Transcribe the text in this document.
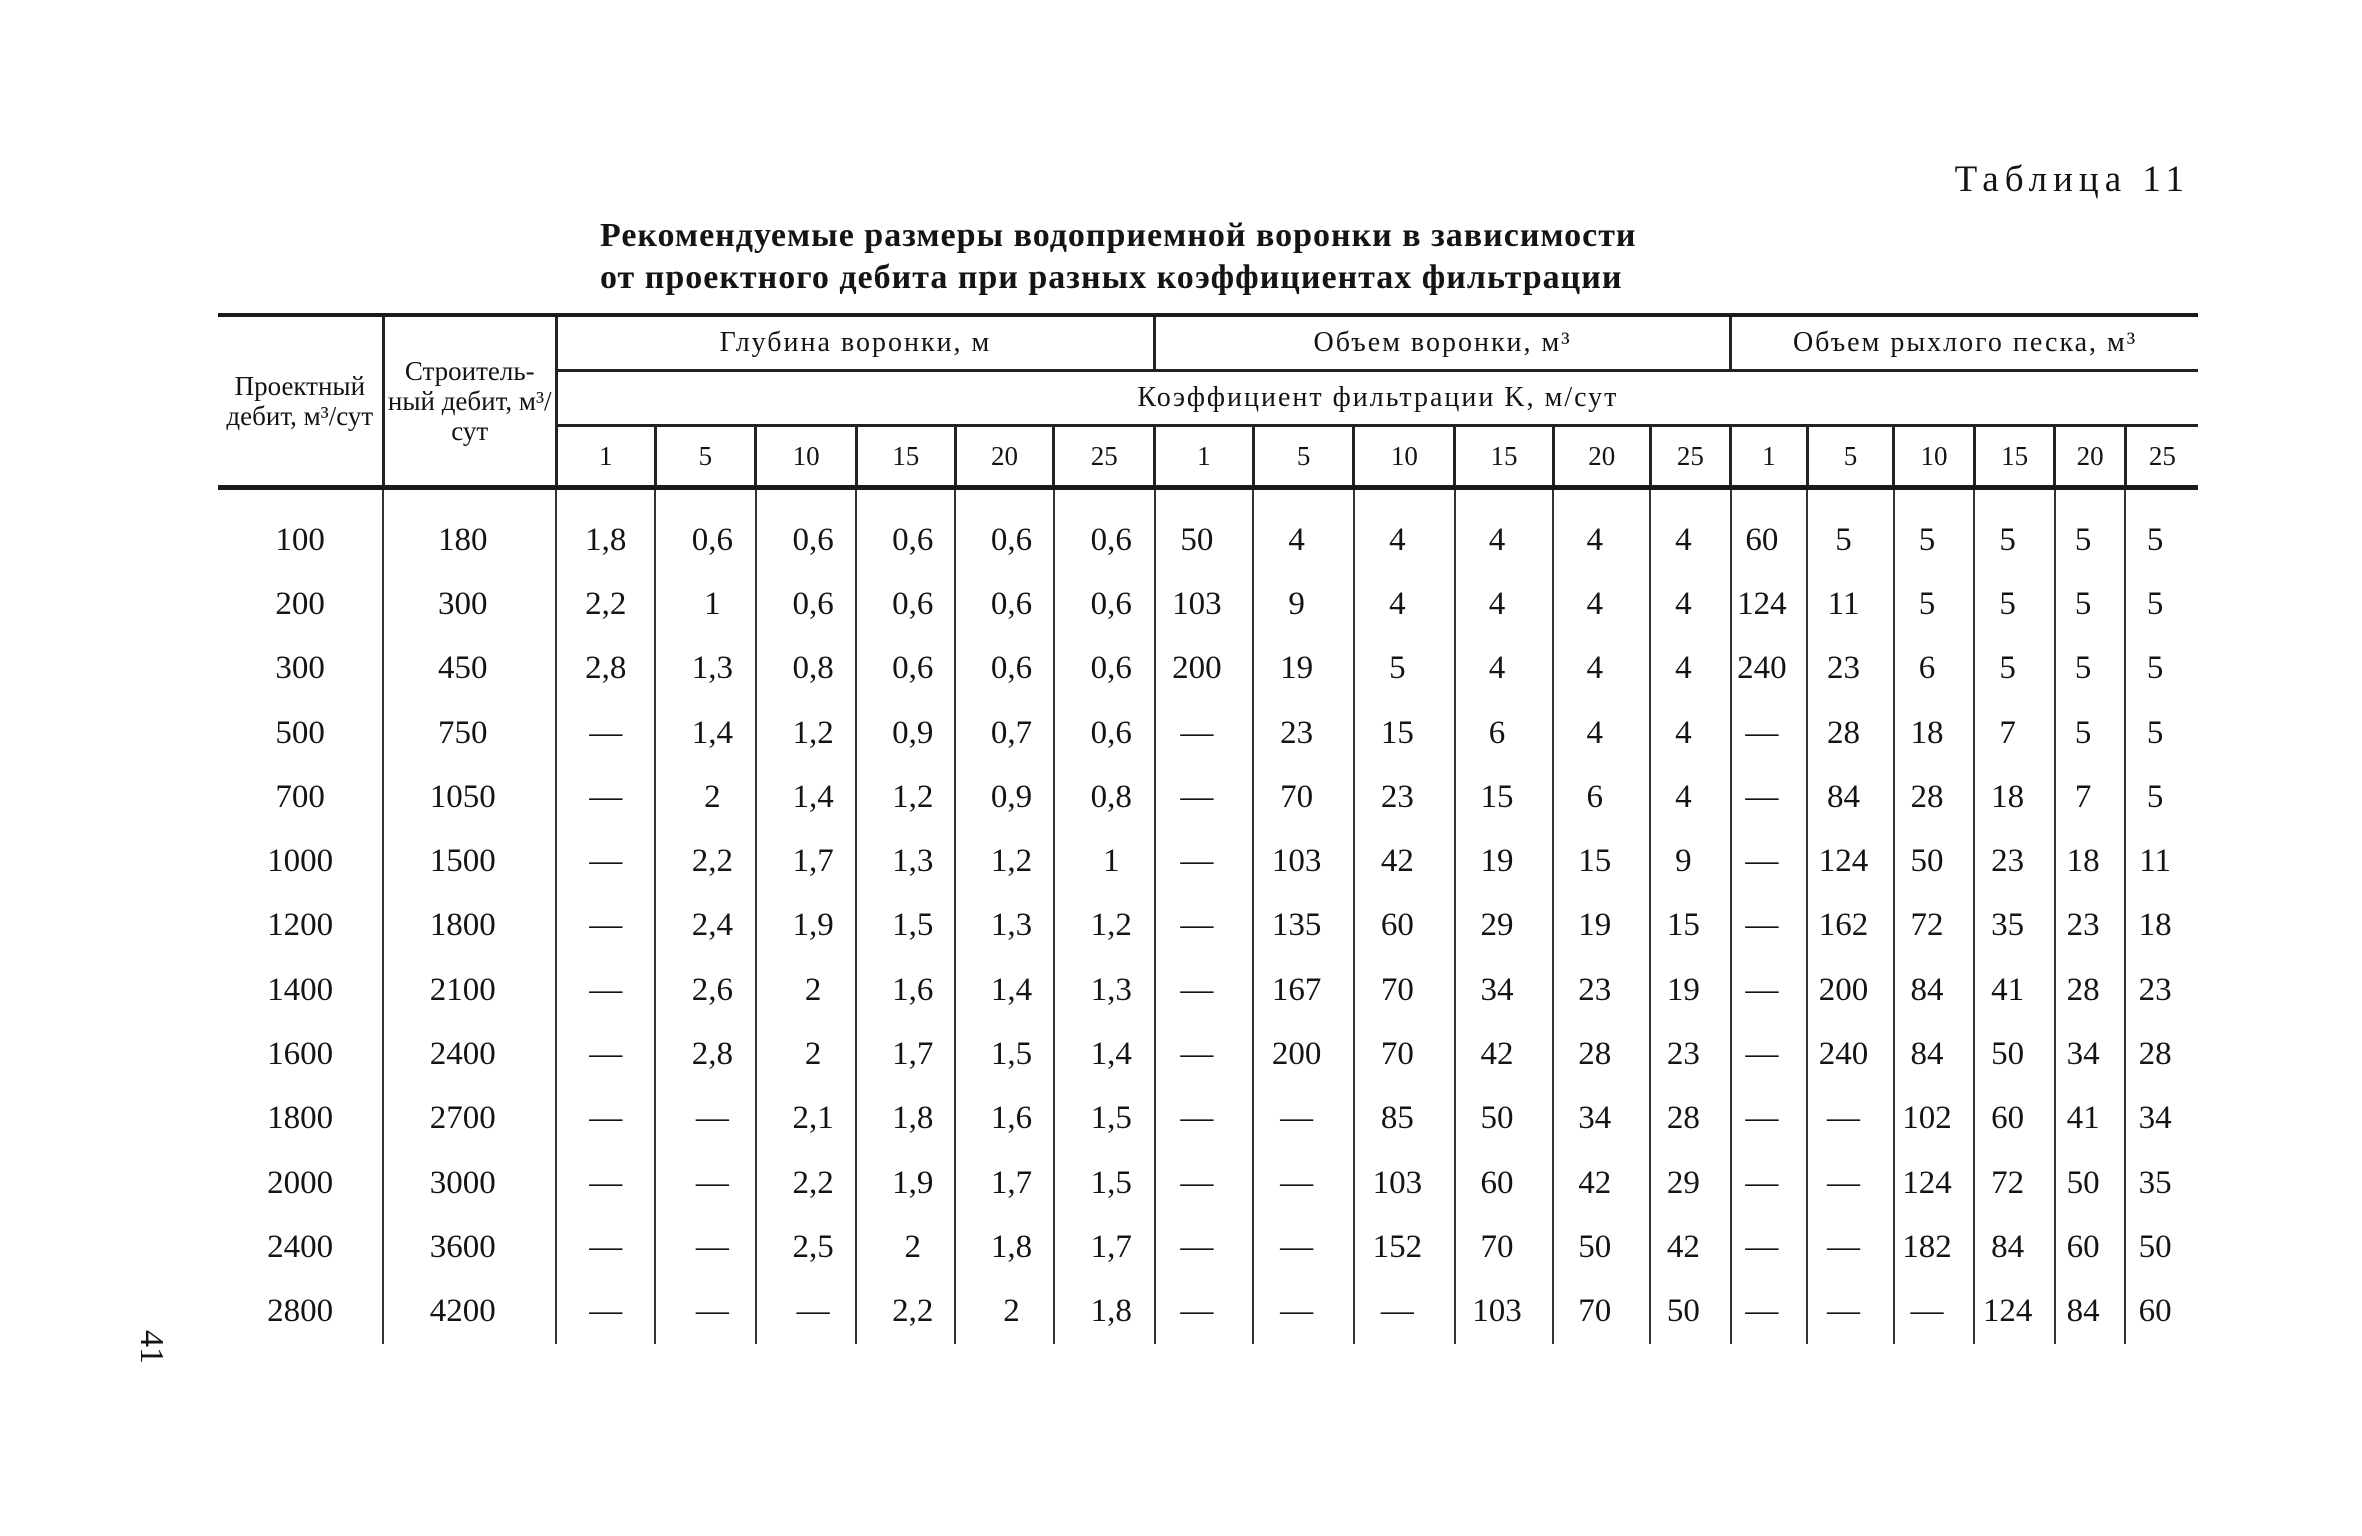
Таблица 11
Рекомендуемые размеры водоприемной воронки в зависимости
от проектного дебита при разных коэффициентах фильтрации
Проектный дебит, м³/сут	Строитель-ный дебит, м³/сут	Глубина воронки, м						Объем воронки, м³						Объем рыхлого песка, м³					
		Коэффициент фильтрации K, м/сут																	
		1	5	10	15	20	25	1	5	10	15	20	25	1	5	10	15	20	25
100	180	1,8	0,6	0,6	0,6	0,6	0,6	50	4	4	4	4	4	60	5	5	5	5	5
200	300	2,2	1	0,6	0,6	0,6	0,6	103	9	4	4	4	4	124	11	5	5	5	5
300	450	2,8	1,3	0,8	0,6	0,6	0,6	200	19	5	4	4	4	240	23	6	5	5	5
500	750	—	1,4	1,2	0,9	0,7	0,6	—	23	15	6	4	4	—	28	18	7	5	5
700	1050	—	2	1,4	1,2	0,9	0,8	—	70	23	15	6	4	—	84	28	18	7	5
1000	1500	—	2,2	1,7	1,3	1,2	1	—	103	42	19	15	9	—	124	50	23	18	11
1200	1800	—	2,4	1,9	1,5	1,3	1,2	—	135	60	29	19	15	—	162	72	35	23	18
1400	2100	—	2,6	2	1,6	1,4	1,3	—	167	70	34	23	19	—	200	84	41	28	23
1600	2400	—	2,8	2	1,7	1,5	1,4	—	200	70	42	28	23	—	240	84	50	34	28
1800	2700	—	—	2,1	1,8	1,6	1,5	—	—	85	50	34	28	—	—	102	60	41	34
2000	3000	—	—	2,2	1,9	1,7	1,5	—	—	103	60	42	29	—	—	124	72	50	35
2400	3600	—	—	2,5	2	1,8	1,7	—	—	152	70	50	42	—	—	182	84	60	50
2800	4200	—	—	—	2,2	2	1,8	—	—	—	103	70	50	—	—	—	124	84	60
41
